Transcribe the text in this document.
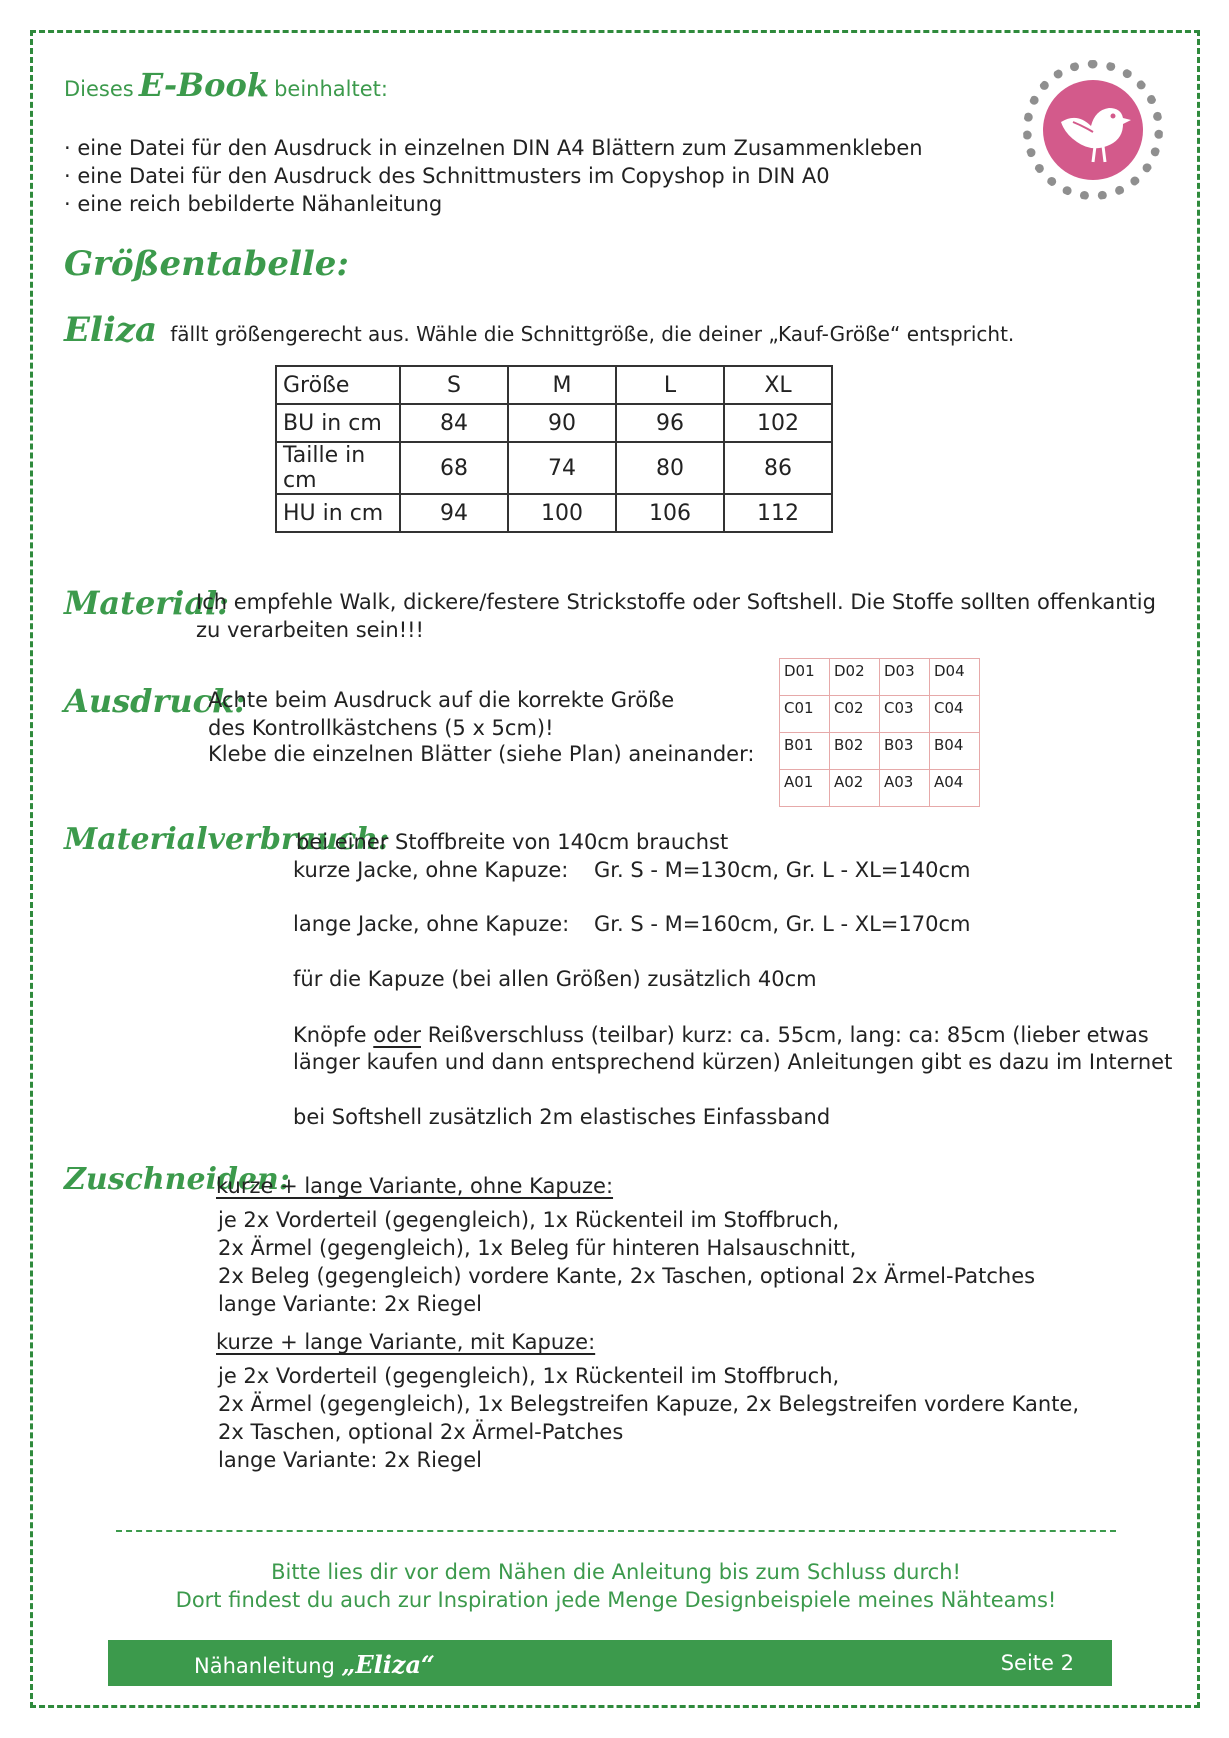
Dieses E-Book beinhaltet:
· eine Datei für den Ausdruck in einzelnen DIN A4 Blättern zum Zusammenkleben
· eine Datei für den Ausdruck des Schnittmusters im Copyshop in DIN A0
· eine reich bebilderte Nähanleitung
Größentabelle:
Eliza fällt größengerecht aus. Wähle die Schnittgröße, die deiner „Kauf-Größe“ entspricht.
Größe	S	M	L	XL
BU in cm	84	90	96	102
Taille in cm	68	74	80	86
HU in cm	94	100	106	112
Material:
Ich empfehle Walk, dickere/festere Strickstoffe oder Softshell. Die Stoffe sollten offenkantig
zu verarbeiten sein!!!
Ausdruck:
Achte beim Ausdruck auf die korrekte Größe
des Kontrollkästchens (5 x 5cm)!
Klebe die einzelnen Blätter (siehe Plan) aneinander:
D01	D02	D03	D04
C01	C02	C03	C04
B01	B02	B03	B04
A01	A02	A03	A04
Materialverbrauch:
bei einer Stoffbreite von 140cm brauchst
kurze Jacke, ohne Kapuze: Gr. S - M=130cm, Gr. L - XL=140cm
lange Jacke, ohne Kapuze: Gr. S - M=160cm, Gr. L - XL=170cm
für die Kapuze (bei allen Größen) zusätzlich 40cm
Knöpfe oder Reißverschluss (teilbar) kurz: ca. 55cm, lang: ca: 85cm (lieber etwas
länger kaufen und dann entsprechend kürzen) Anleitungen gibt es dazu im Internet
bei Softshell zusätzlich 2m elastisches Einfassband
Zuschneiden:
kurze + lange Variante, ohne Kapuze:
je 2x Vorderteil (gegengleich), 1x Rückenteil im Stoffbruch,
2x Ärmel (gegengleich), 1x Beleg für hinteren Halsauschnitt,
2x Beleg (gegengleich) vordere Kante, 2x Taschen, optional 2x Ärmel-Patches
lange Variante: 2x Riegel
kurze + lange Variante, mit Kapuze:
je 2x Vorderteil (gegengleich), 1x Rückenteil im Stoffbruch,
2x Ärmel (gegengleich), 1x Belegstreifen Kapuze, 2x Belegstreifen vordere Kante,
2x Taschen, optional 2x Ärmel-Patches
lange Variante: 2x Riegel
Bitte lies dir vor dem Nähen die Anleitung bis zum Schluss durch!
Dort findest du auch zur Inspiration jede Menge Designbeispiele meines Nähteams!
Nähanleitung „Eliza“	Seite 2
